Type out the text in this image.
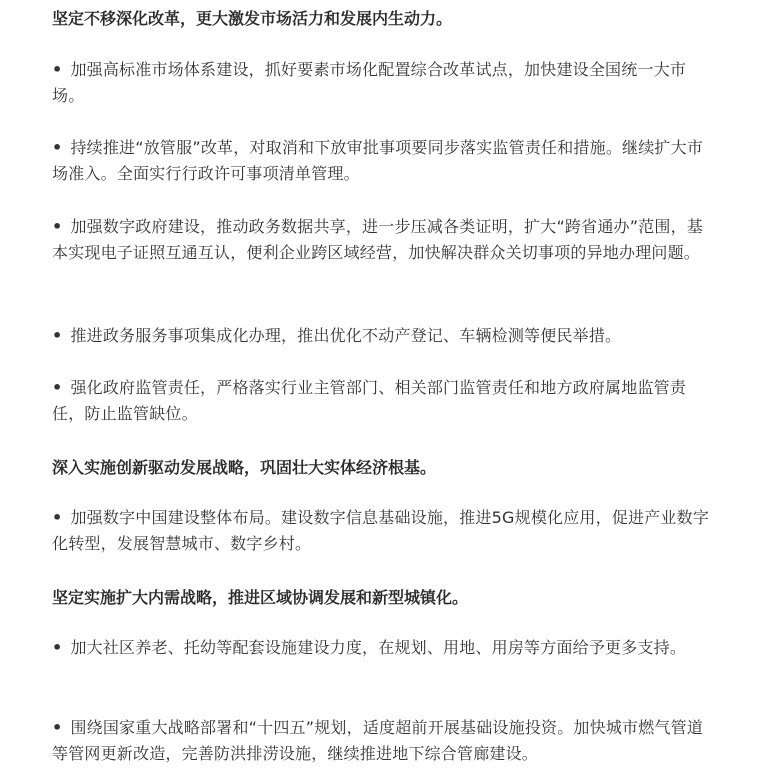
坚定不移深化改革，更大激发市场活力和发展内生动力。

• 加强高标准市场体系建设，抓好要素市场化配置综合改革试点，加快建设全国统一大市场。

• 持续推进“放管服”改革，对取消和下放审批事项要同步落实监管责任和措施。继续扩大市场准入。全面实行行政许可事项清单管理。

• 加强数字政府建设，推动政务数据共享，进一步压减各类证明，扩大“跨省通办”范围，基本实现电子证照互通互认，便利企业跨区域经营，加快解决群众关切事项的异地办理问题。

• 推进政务服务事项集成化办理，推出优化不动产登记、车辆检测等便民举措。

• 强化政府监管责任，严格落实行业主管部门、相关部门监管责任和地方政府属地监管责任，防止监管缺位。

深入实施创新驱动发展战略，巩固壮大实体经济根基。

• 加强数字中国建设整体布局。建设数字信息基础设施，推进5G规模化应用，促进产业数字化转型，发展智慧城市、数字乡村。

坚定实施扩大内需战略，推进区域协调发展和新型城镇化。

• 加大社区养老、托幼等配套设施建设力度，在规划、用地、用房等方面给予更多支持。

• 围绕国家重大战略部署和“十四五”规划，适度超前开展基础设施投资。加快城市燃气管道等管网更新改造，完善防洪排涝设施，继续推进地下综合管廊建设。
